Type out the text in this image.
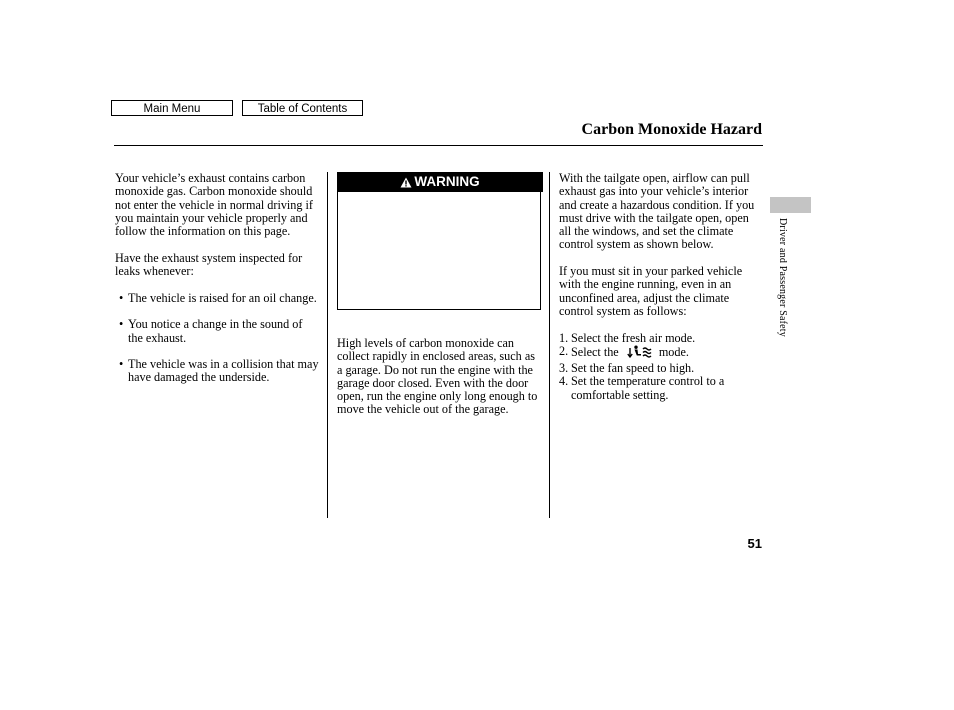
Main Menu	Table of Contents
Carbon Monoxide Hazard

Your vehicle’s exhaust contains carbon monoxide gas. Carbon monoxide should not enter the vehicle in normal driving if you maintain your vehicle properly and follow the information on this page.

Have the exhaust system inspected for leaks whenever:

• The vehicle is raised for an oil change.
• You notice a change in the sound of the exhaust.
• The vehicle was in a collision that may have damaged the underside.
WARNING

High levels of carbon monoxide can collect rapidly in enclosed areas, such as a garage. Do not run the engine with the garage door closed. Even with the door open, run the engine only long enough to move the vehicle out of the garage.

With the tailgate open, airflow can pull exhaust gas into your vehicle’s interior and create a hazardous condition. If you must drive with the tailgate open, open all the windows, and set the climate control system as shown below.

If you must sit in your parked vehicle with the engine running, even in an unconfined area, adjust the climate control system as follows:

1. Select the fresh air mode.
2. Select the	mode.
3. Set the fan speed to high.
4. Set the temperature control to a comfortable setting.
Driver and Passenger Safety
51
